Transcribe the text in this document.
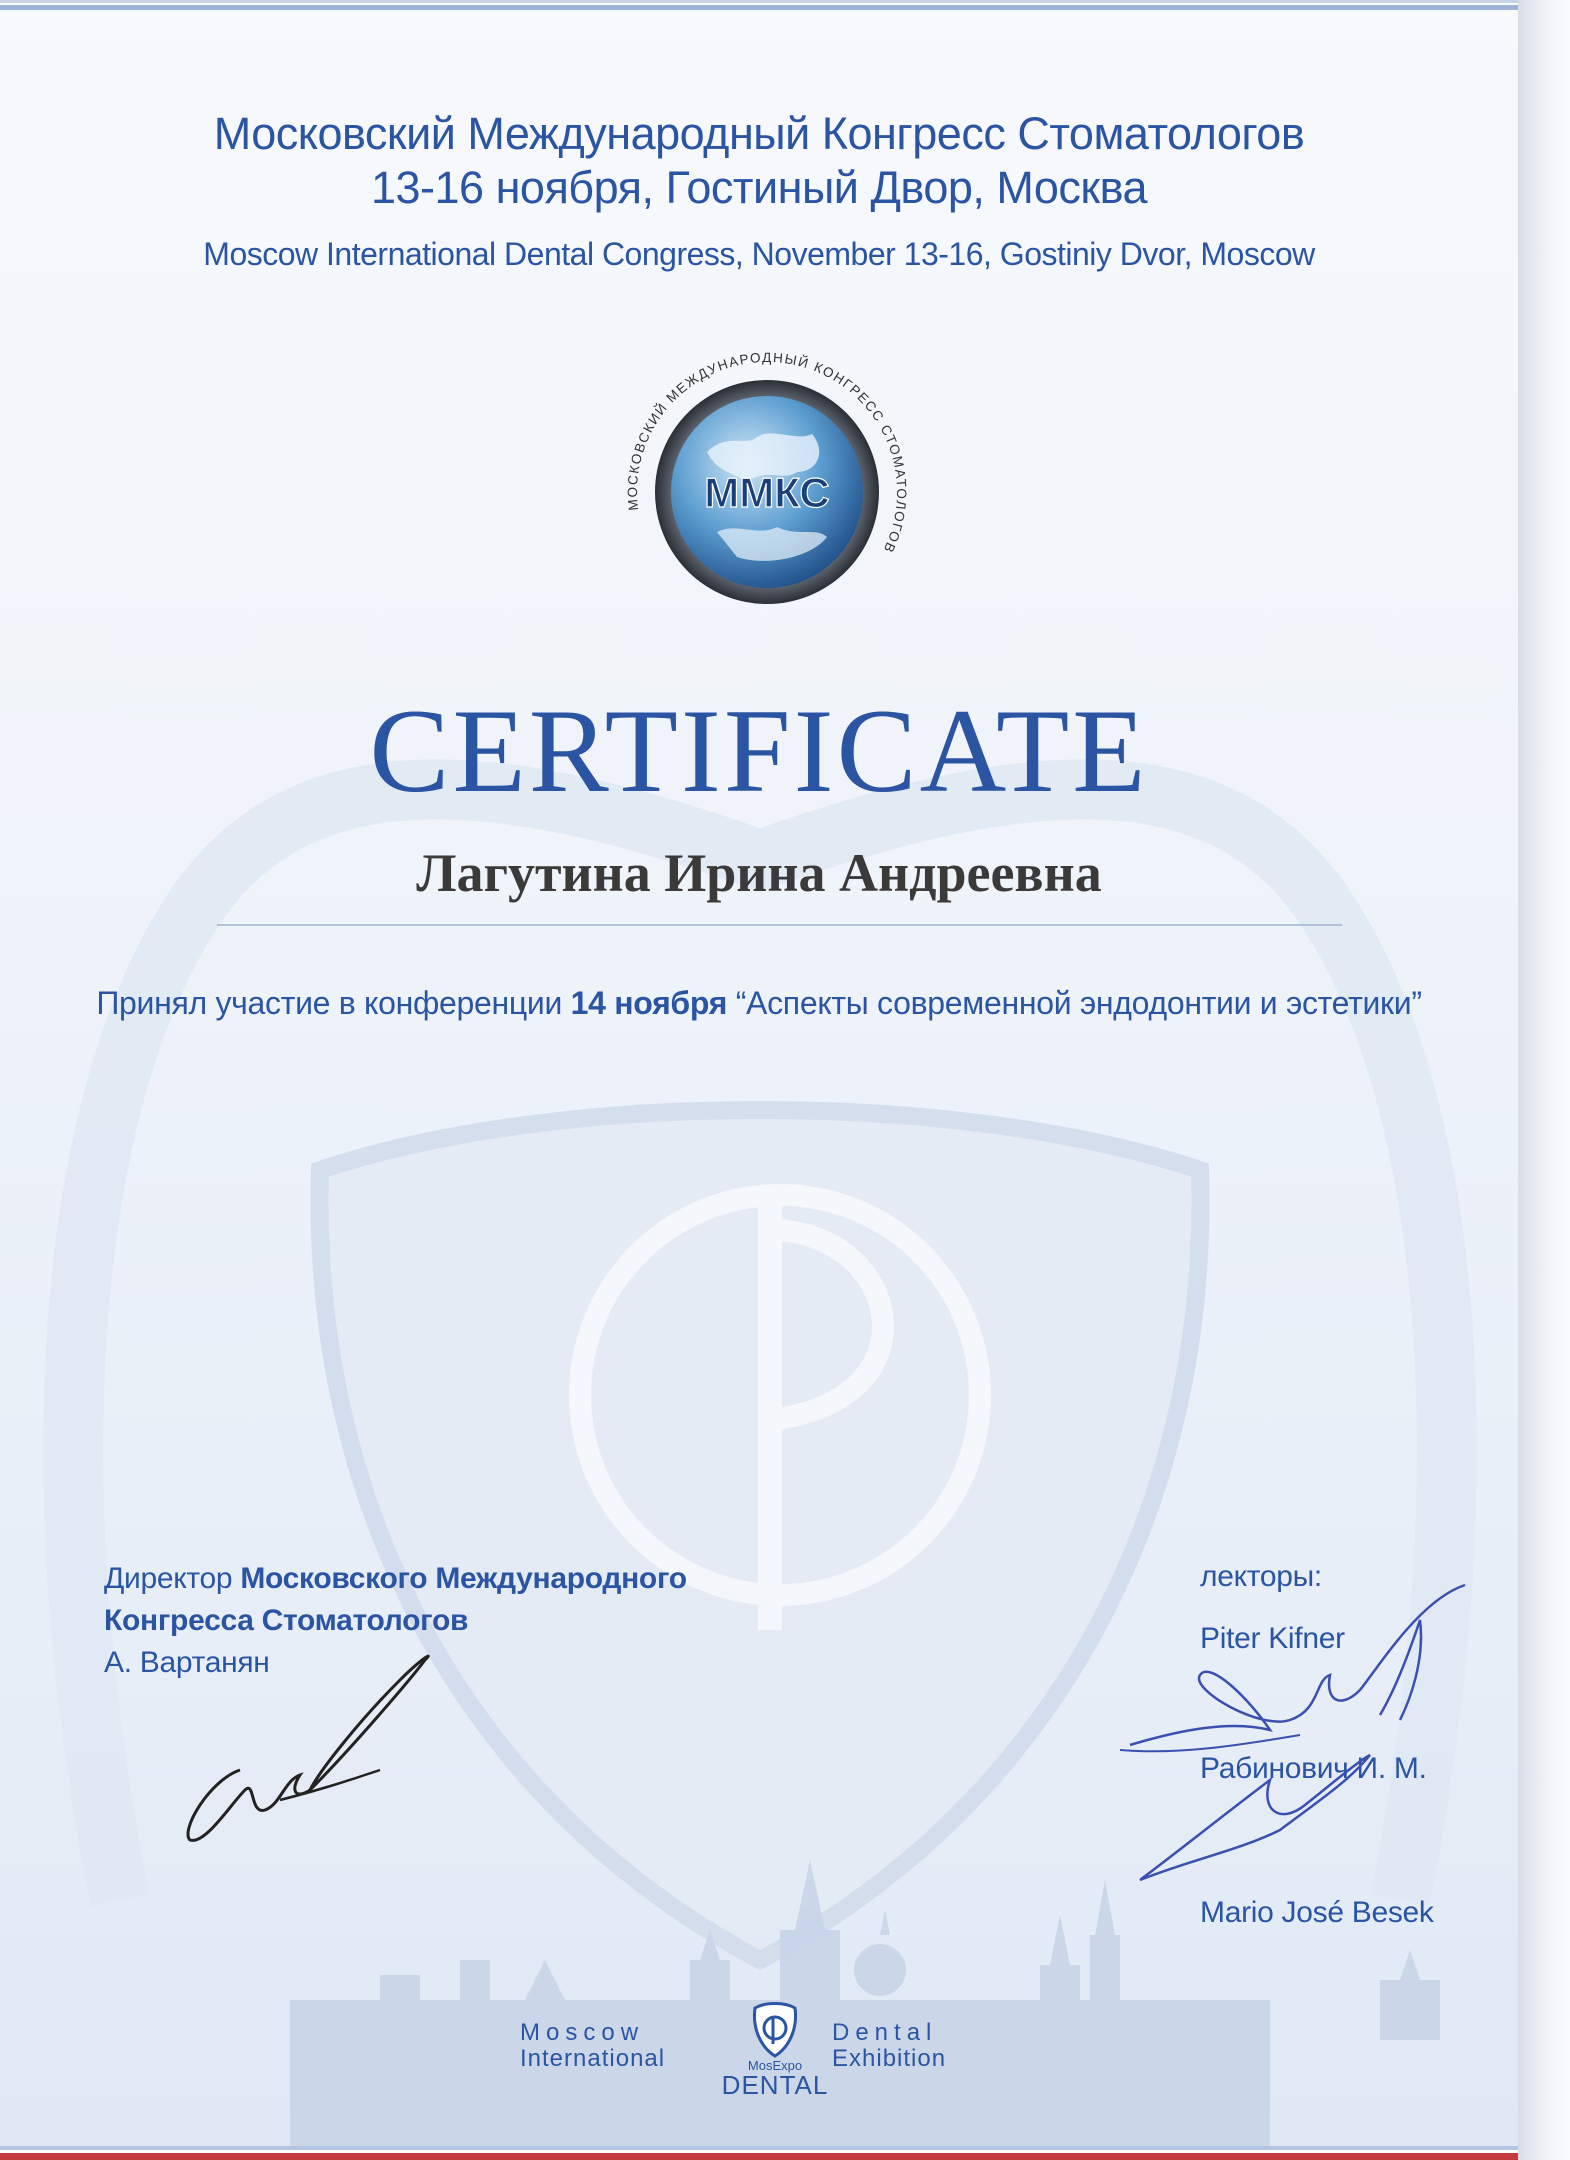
Московский Международный Конгресс Стоматологов
13-16 ноября, Гостиный Двор, Москва
Moscow International Dental Congress, November 13-16, Gostiniy Dvor, Moscow
МОСКОВСКИЙ МЕЖДУНАРОДНЫЙ КОНГРЕСС СТОМАТОЛОГОВ
ММКС
CERTIFICATE
Лагутина Ирина Андреевна
Принял участие в конференции 14 ноября “Аспекты современной эндодонтии и эстетики”
Директор Московского Международного
Конгресса Стоматологов
А. Вартанян
лекторы:
Piter Kifner
Рабинович И. М.
Mario José Besek
Moscow
International
Dental
Exhibition
MosExpo
DENTAL
